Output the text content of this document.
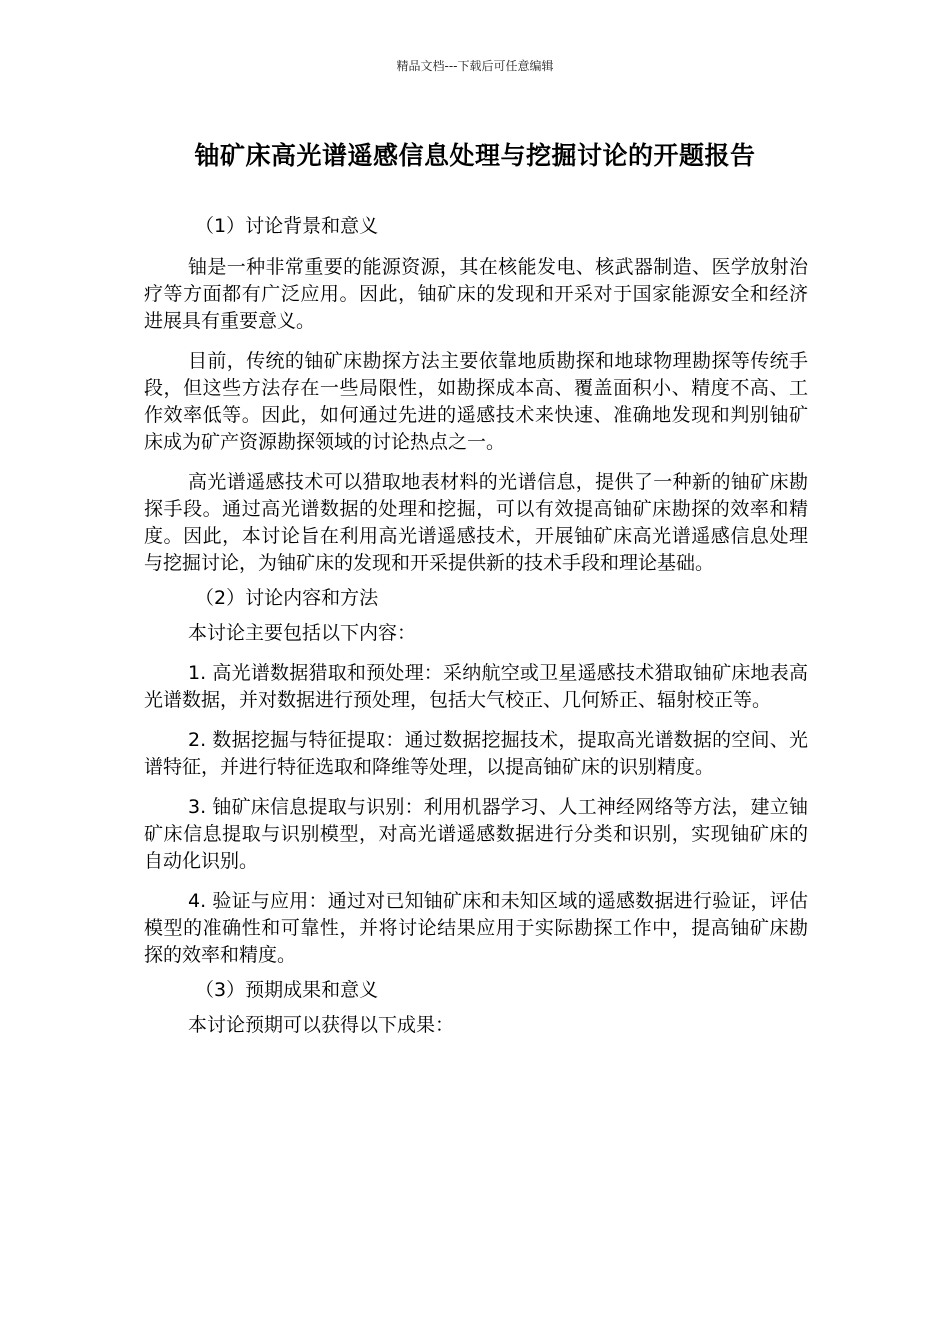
精品文档---下载后可任意编辑
铀矿床高光谱遥感信息处理与挖掘讨论的开题报告

（1）讨论背景和意义

铀是一种非常重要的能源资源，其在核能发电、核武器制造、医学放射治疗等方面都有广泛应用。因此，铀矿床的发现和开采对于国家能源安全和经济进展具有重要意义。

目前，传统的铀矿床勘探方法主要依靠地质勘探和地球物理勘探等传统手段，但这些方法存在一些局限性，如勘探成本高、覆盖面积小、精度不高、工作效率低等。因此，如何通过先进的遥感技术来快速、准确地发现和判别铀矿床成为矿产资源勘探领域的讨论热点之一。

高光谱遥感技术可以猎取地表材料的光谱信息，提供了一种新的铀矿床勘探手段。通过高光谱数据的处理和挖掘，可以有效提高铀矿床勘探的效率和精度。因此，本讨论旨在利用高光谱遥感技术，开展铀矿床高光谱遥感信息处理与挖掘讨论，为铀矿床的发现和开采提供新的技术手段和理论基础。

（2）讨论内容和方法

本讨论主要包括以下内容：

1. 高光谱数据猎取和预处理：采纳航空或卫星遥感技术猎取铀矿床地表高光谱数据，并对数据进行预处理，包括大气校正、几何矫正、辐射校正等。

2. 数据挖掘与特征提取：通过数据挖掘技术，提取高光谱数据的空间、光谱特征，并进行特征选取和降维等处理，以提高铀矿床的识别精度。

3. 铀矿床信息提取与识别：利用机器学习、人工神经网络等方法，建立铀矿床信息提取与识别模型，对高光谱遥感数据进行分类和识别，实现铀矿床的自动化识别。

4. 验证与应用：通过对已知铀矿床和未知区域的遥感数据进行验证，评估模型的准确性和可靠性，并将讨论结果应用于实际勘探工作中，提高铀矿床勘探的效率和精度。

（3）预期成果和意义

本讨论预期可以获得以下成果：
